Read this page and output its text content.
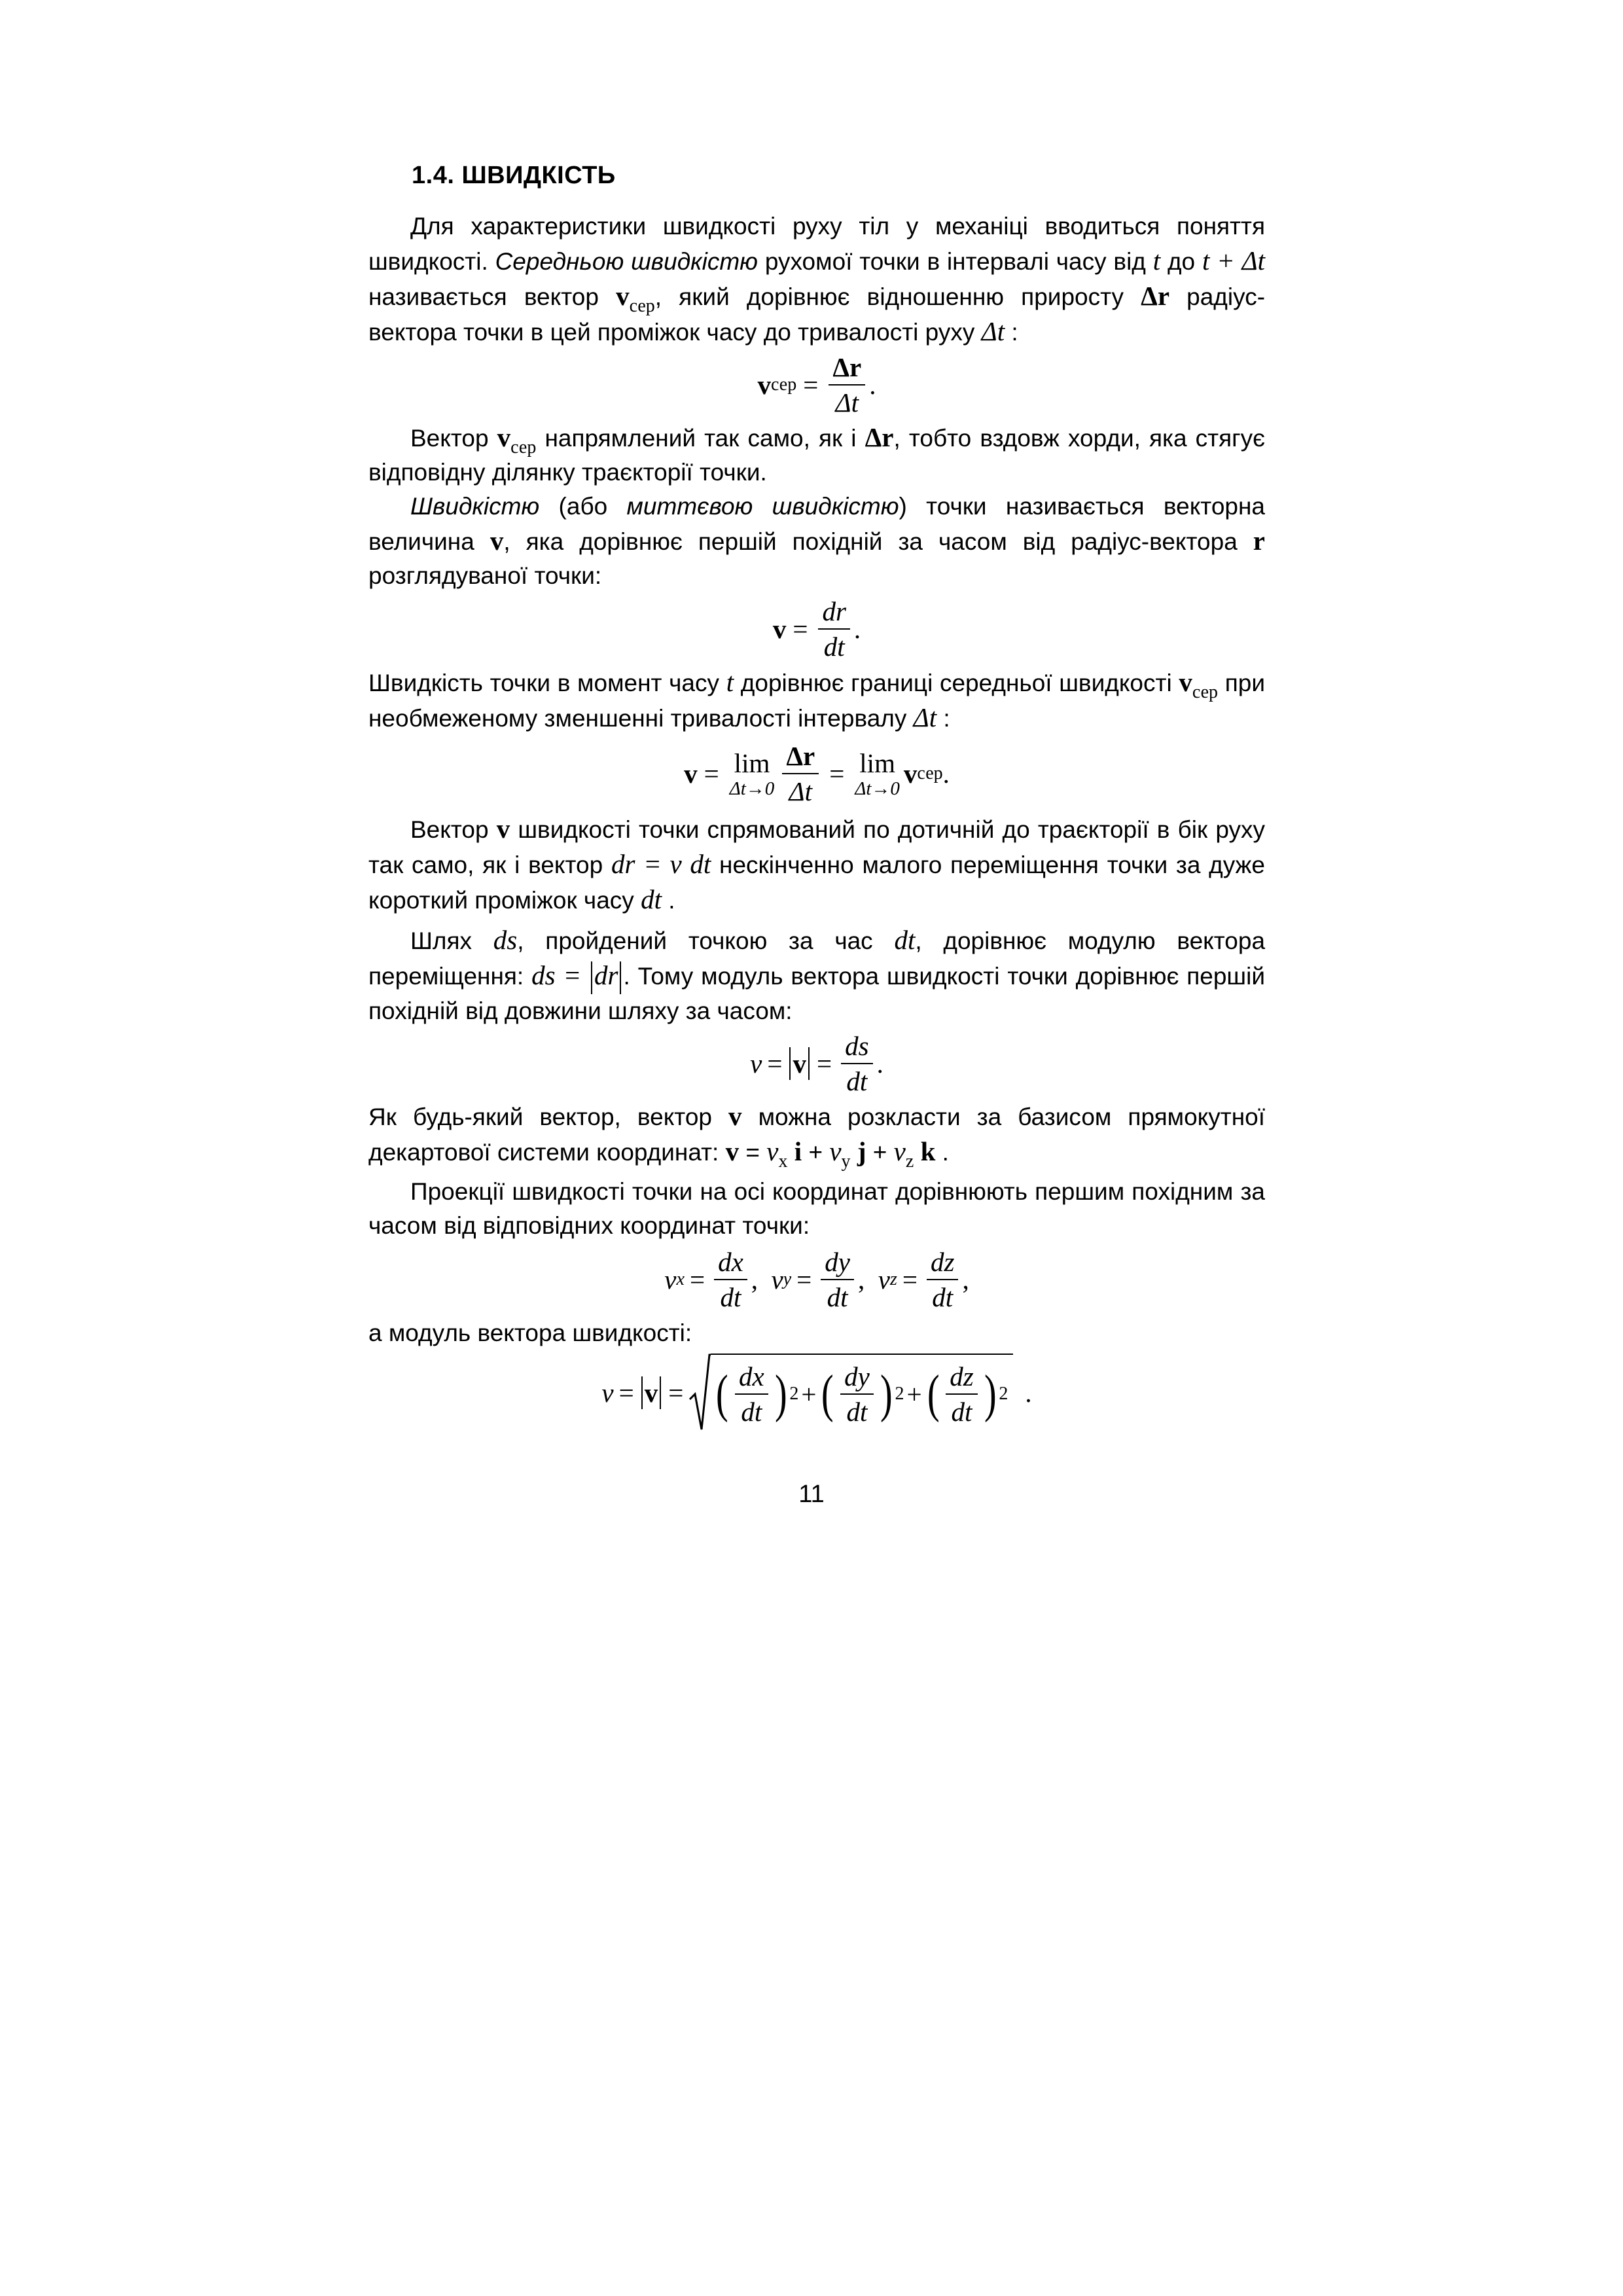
1.4. ШВИДКІСТЬ

Для характеристики швидкості руху тіл у механіці вводиться поняття швидкості. Середньою швидкістю рухомої точки в інтервалі часу від t до t + Δt називається вектор $v_{сер}$, який дорівнює відношенню приросту Δr радіус-вектора точки в цей проміжок часу до тривалості руху Δt :

v сер = $\frac{\Delta r}{\Delta t}$ .

Вектор $v_{сер}$ напрямлений так само, як і Δr, тобто вздовж хорди, яка стягує відповідну ділянку траєкторії точки.

Швидкістю (або миттєвою швидкістю) точки називається векторна величина v, яка дорівнює першій похідній за часом від радіус-вектора r розглядуваної точки:

$v = \frac{dr}{dt}$ .

Швидкість точки в момент часу t дорівнює границі середньої швидкості $v_{сер}$ при необмеженому зменшенні тривалості інтервалу Δt :

v = lim
$\Delta t\to 0 \frac{\Delta r}{\Delta t} = \lim$
Δt→0 v сер .

Вектор v швидкості точки спрямований по дотичній до траєкторії в бік руху так само, як і вектор dr = v dt нескінченно малого переміщення точки за дуже короткий проміжок часу dt .

Шлях ds, пройдений точкою за час dt, дорівнює модулю вектора переміщення: ds = dr . Тому модуль вектора швидкості точки дорівнює першій похідній від довжини шляху за часом:

$v = v = \frac{ds}{dt}$ .

Як будь-який вектор, вектор v можна розкласти за базисом прямокутної декартової системи координат: $v = v_x$ $i + v_y$ $j + v_z$ k .

Проекції швидкості точки на осі координат дорівнюють першим похідним за часом від відповідних координат точки:

v $x = \frac{dx}{dt}$ , v $y = \frac{dy}{dt}$ , v $z = \frac{dz}{dt}$ ,

а модуль вектора швидкості:

v = v = ( $\frac{dx}{dt}$ ) 2 + ( $\frac{dy}{dt}$ ) 2 + ( $\frac{dz}{dt}$ ) 2 .
11
